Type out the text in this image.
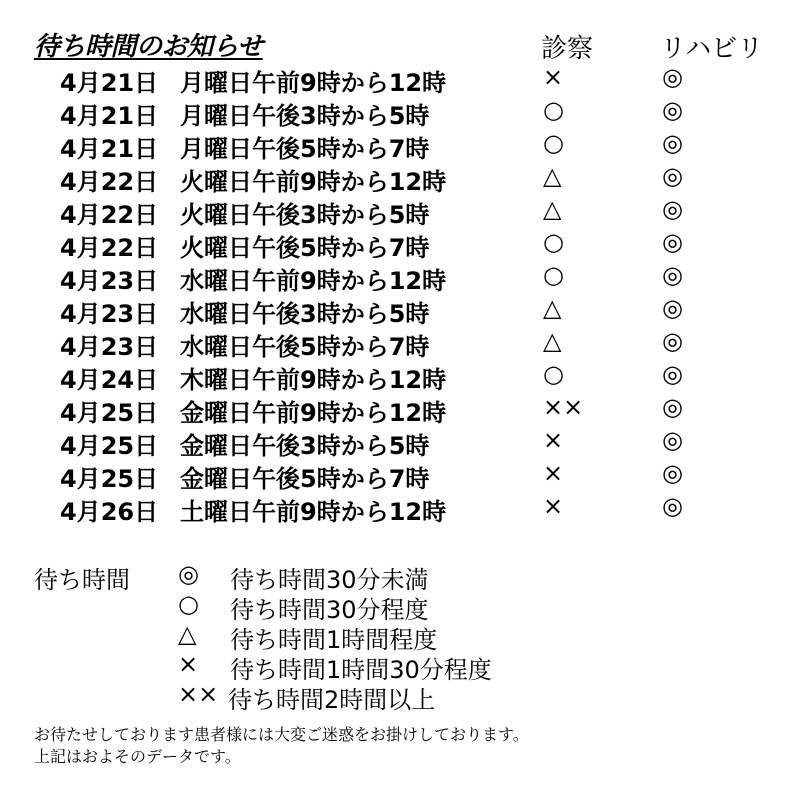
待ち時間のお知らせ	診察	リハビリ
4月21日 月曜日午前9時から12時	×	◎
4月21日 月曜日午後3時から5時	○	◎
4月21日 月曜日午後5時から7時	○	◎
4月22日 火曜日午前9時から12時	△	◎
4月22日 火曜日午後3時から5時	△	◎
4月22日 火曜日午後5時から7時	○	◎
4月23日 水曜日午前9時から12時	○	◎
4月23日 水曜日午後3時から5時	△	◎
4月23日 水曜日午後5時から7時	△	◎
4月24日 木曜日午前9時から12時	○	◎
4月25日 金曜日午前9時から12時	××	◎
4月25日 金曜日午後3時から5時	×	◎
4月25日 金曜日午後5時から7時	×	◎
4月26日 土曜日午前9時から12時	×	◎
待ち時間 ◎ 待ち時間30分未満
○ 待ち時間30分程度
△ 待ち時間1時間程度
× 待ち時間1時間30分程度
×× 待ち時間2時間以上
お待たせしております患者様には大変ご迷惑をお掛けしております。
上記はおよそのデータです。
